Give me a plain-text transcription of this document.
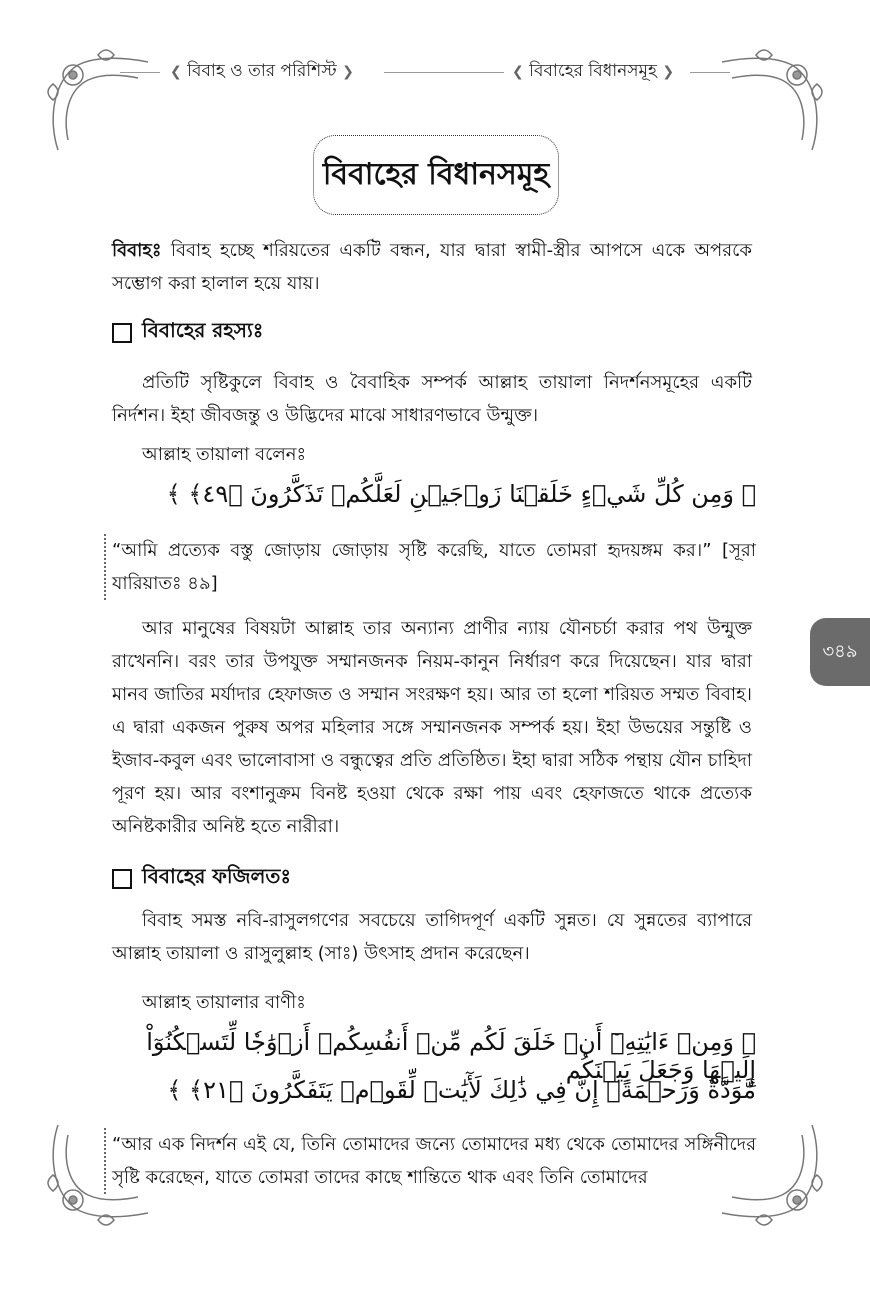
❮ বিবাহ ও তার পরিশিস্ট ❯	❮ বিবাহের বিধানসমূহ ❯
বিবাহের বিধানসমূহ
বিবাহঃ বিবাহ হচ্ছে শরিয়তের একটি বন্ধন, যার দ্বারা স্বামী-স্ত্রীর আপসে একে অপরকে সম্ভোগ করা হালাল হয়ে যায়।
বিবাহের রহস্যঃ
প্রতিটি সৃষ্টিকুলে বিবাহ ও বৈবাহিক সম্পর্ক আল্লাহ তায়ালা নিদর্শনসমূহের একটি নির্দশন। ইহা জীবজন্তু ও উদ্ভিদের মাঝে সাধারণভাবে উন্মুক্ত।
আল্লাহ তায়ালা বলেনঃ
﴿ وَمِن كُلِّ شَيۡءٍ خَلَقۡنَا زَوۡجَيۡنِ لَعَلَّكُمۡ تَذَكَّرُونَ ﴿٤٩﴾ ﴾
“আমি প্রত্যেক বস্তু জোড়ায় জোড়ায় সৃষ্টি করেছি, যাতে তোমরা হৃদয়ঙ্গম কর।” [সূরা যারিয়াতঃ ৪৯]
আর মানুষের বিষয়টা আল্লাহ তার অন্যান্য প্রাণীর ন্যায় যৌনচর্চা করার পথ উন্মুক্ত রাখেননি। বরং তার উপযুক্ত সম্মানজনক নিয়ম-কানুন নির্ধারণ করে দিয়েছেন। যার দ্বারা মানব জাতির মর্যাদার হেফাজত ও সম্মান সংরক্ষণ হয়। আর তা হলো শরিয়ত সম্মত বিবাহ। এ দ্বারা একজন পুরুষ অপর মহিলার সঙ্গে সম্মানজনক সম্পর্ক হয়। ইহা উভয়ের সন্তুষ্টি ও ইজাব-কবুল এবং ভালোবাসা ও বন্ধুত্বের প্রতি প্রতিষ্ঠিত। ইহা দ্বারা সঠিক পন্থায় যৌন চাহিদা পূরণ হয়। আর বংশানুক্রম বিনষ্ট হওয়া থেকে রক্ষা পায় এবং হেফাজতে থাকে প্রত্যেক অনিষ্টকারীর অনিষ্ট হতে নারীরা।
বিবাহের ফজিলতঃ
বিবাহ সমস্ত নবি-রাসুলগণের সবচেয়ে তাগিদপূর্ণ একটি সুন্নত। যে সুন্নতের ব্যাপারে আল্লাহ তায়ালা ও রাসুলুল্লাহ (সাঃ) উৎসাহ প্রদান করেছেন।
আল্লাহ তায়ালার বাণীঃ
﴿ وَمِنۡ ءَايَٰتِهِۦٓ أَنۡ خَلَقَ لَكُم مِّنۡ أَنفُسِكُمۡ أَزۡوَٰجٗا لِّتَسۡكُنُوٓاْ إِلَيۡهَا وَجَعَلَ بَيۡنَكُم
مَّوَدَّةٗ وَرَحۡمَةًۚ إِنَّ فِي ذَٰلِكَ لَأٓيَٰتٖ لِّقَوۡمٖ يَتَفَكَّرُونَ ﴿٢١﴾ ﴾
“আর এক নিদর্শন এই যে, তিনি তোমাদের জন্যে তোমাদের মধ্য থেকে তোমাদের সঙ্গিনীদের সৃষ্টি করেছেন, যাতে তোমরা তাদের কাছে শান্তিতে থাক এবং তিনি তোমাদের
৩৪৯
